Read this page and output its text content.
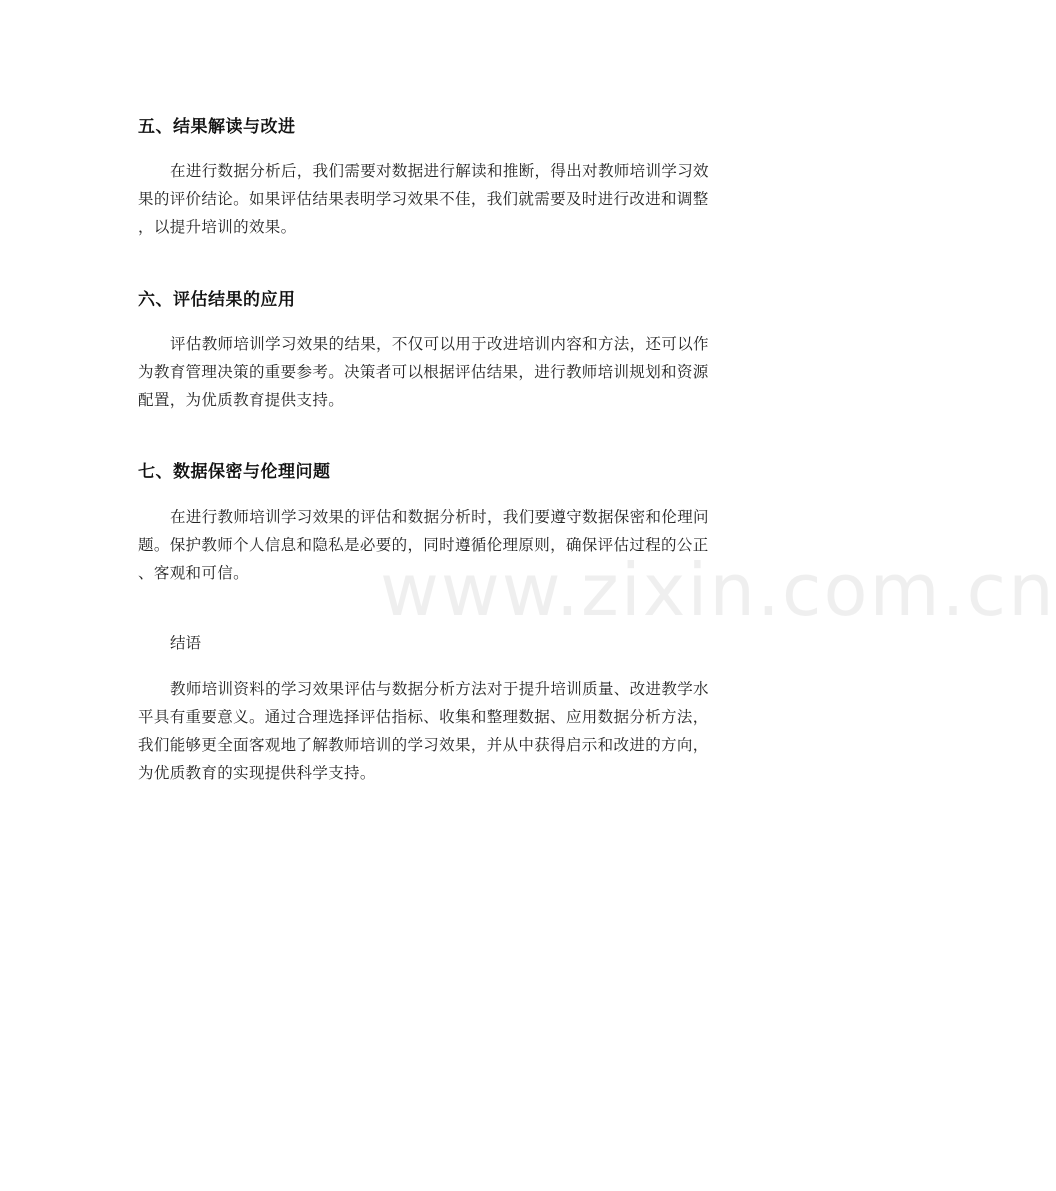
五、结果解读与改进
在进行数据分析后，我们需要对数据进行解读和推断，得出对教师培训学习效
果的评价结论。如果评估结果表明学习效果不佳，我们就需要及时进行改进和调整
，以提升培训的效果。
六、评估结果的应用
评估教师培训学习效果的结果，不仅可以用于改进培训内容和方法，还可以作
为教育管理决策的重要参考。决策者可以根据评估结果，进行教师培训规划和资源
配置，为优质教育提供支持。
七、数据保密与伦理问题
在进行教师培训学习效果的评估和数据分析时，我们要遵守数据保密和伦理问
题。保护教师个人信息和隐私是必要的，同时遵循伦理原则，确保评估过程的公正
、客观和可信。
结语
教师培训资料的学习效果评估与数据分析方法对于提升培训质量、改进教学水
平具有重要意义。通过合理选择评估指标、收集和整理数据、应用数据分析方法，
我们能够更全面客观地了解教师培训的学习效果，并从中获得启示和改进的方向，
为优质教育的实现提供科学支持。
www.zixin.com.cn
